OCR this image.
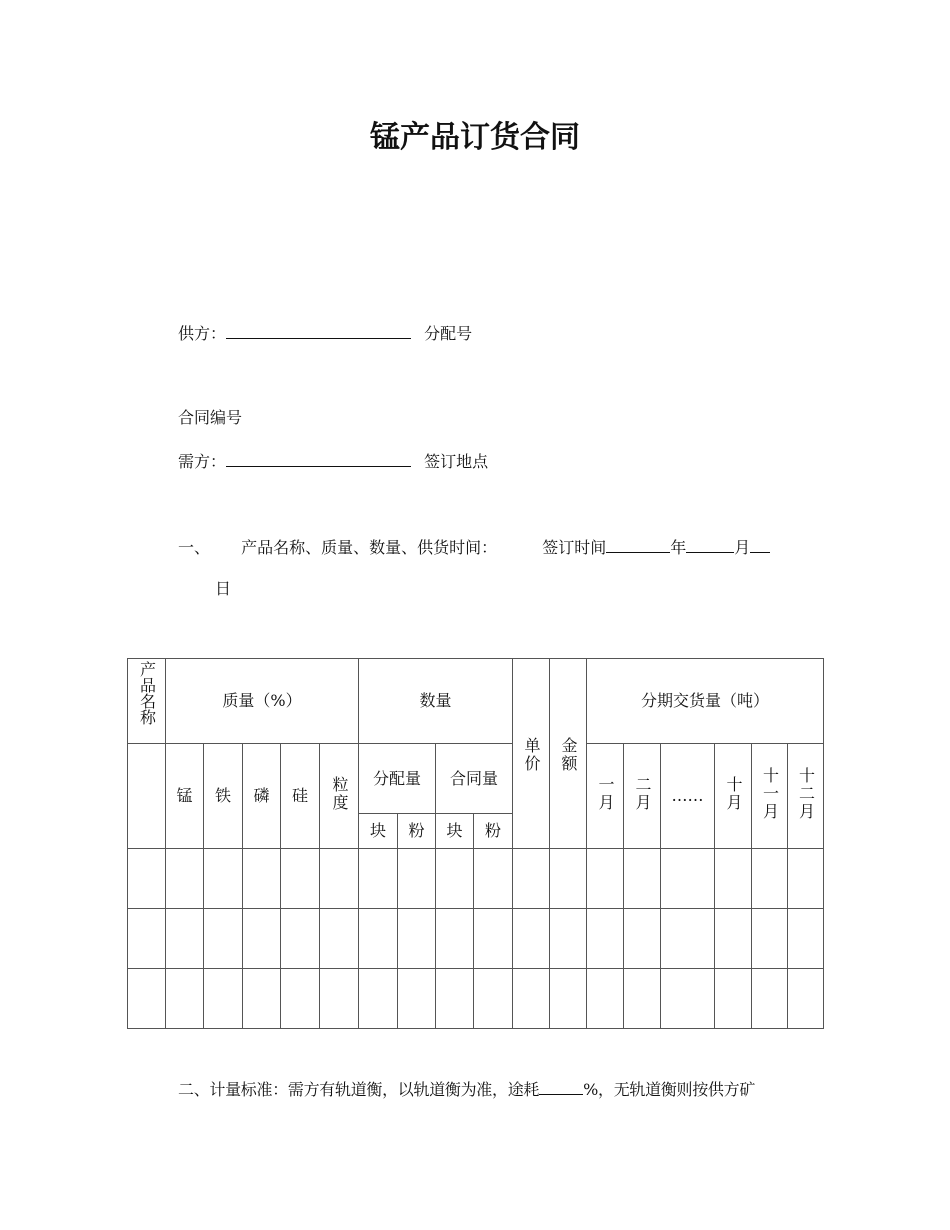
锰产品订货合同
供方：	分配号
合同编号
需方：	签订地点
一、 产品名称、质量、数量、供货时间：	签订时间	年	月
日
产品名称	质量（%）					数量				单价	金额	分期交货量（吨）					
	锰	铁	磷	硅	粒度	分配量		合同量				一月	二月	……	十月	十一月	十二月
						块	粉	块	粉								

二、计量标准：需方有轨道衡，以轨道衡为准，途耗	%，无轨道衡则按供方矿
